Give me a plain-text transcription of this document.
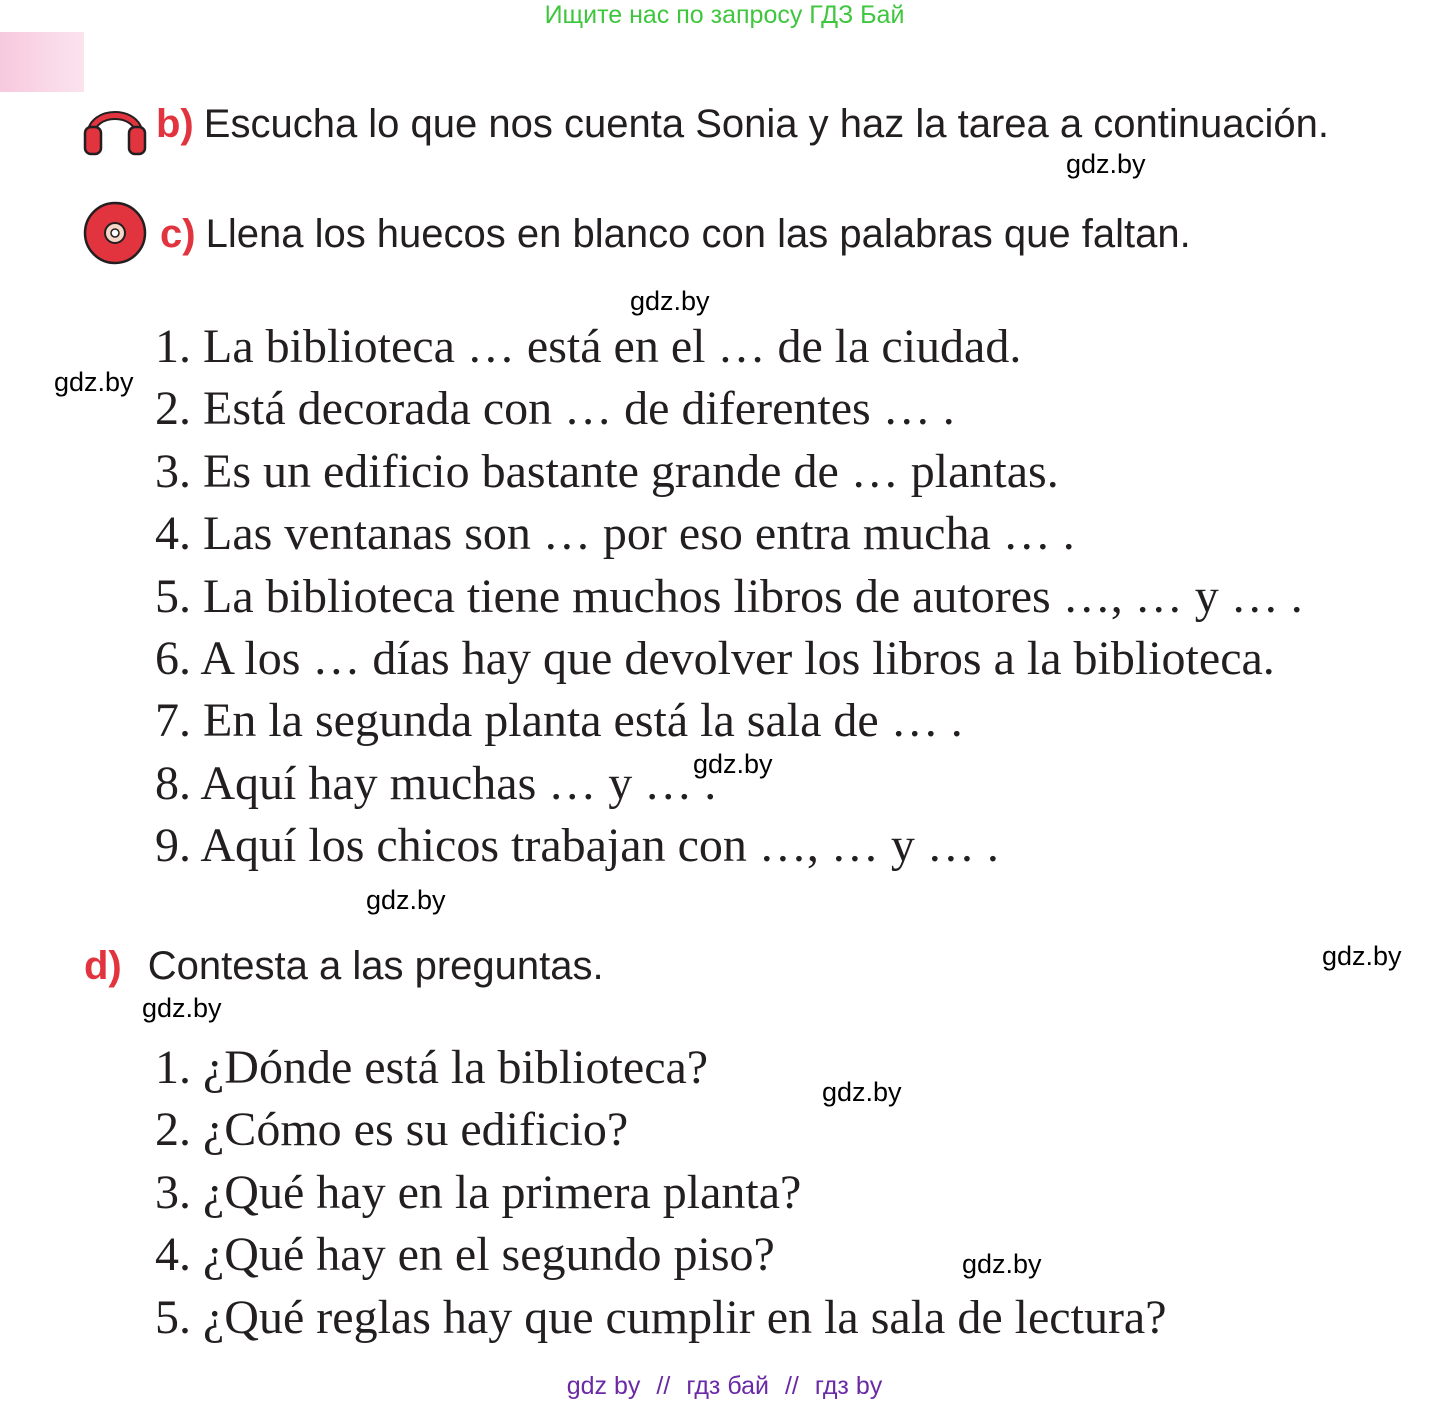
Ищите нас по запросу ГДЗ Бай
b) Escucha lo que nos cuenta Sonia y haz la tarea a continuación.
gdz.by
c) Llena los huecos en blanco con las palabras que faltan.
gdz.by
gdz.by
1. La biblioteca … está en el … de la ciudad.
2. Está decorada con … de diferentes … .
3. Es un edificio bastante grande de … plantas.
4. Las ventanas son … por eso entra mucha … .
5. La biblioteca tiene muchos libros de autores …, … y … .
6. A los … días hay que devolver los libros a la biblioteca.
7. En la segunda planta está la sala de … .
8. Aquí hay muchas … y … .
9. Aquí los chicos trabajan con …, … y … .
gdz.by
gdz.by
d) Contesta a las preguntas.	gdz.by
gdz.by
1. ¿Dónde está la biblioteca?
2. ¿Cómo es su edificio?
3. ¿Qué hay en la primera planta?
4. ¿Qué hay en el segundo piso?
5. ¿Qué reglas hay que cumplir en la sala de lectura?
gdz.by
gdz.by
gdz by // гдз бай // гдз by
